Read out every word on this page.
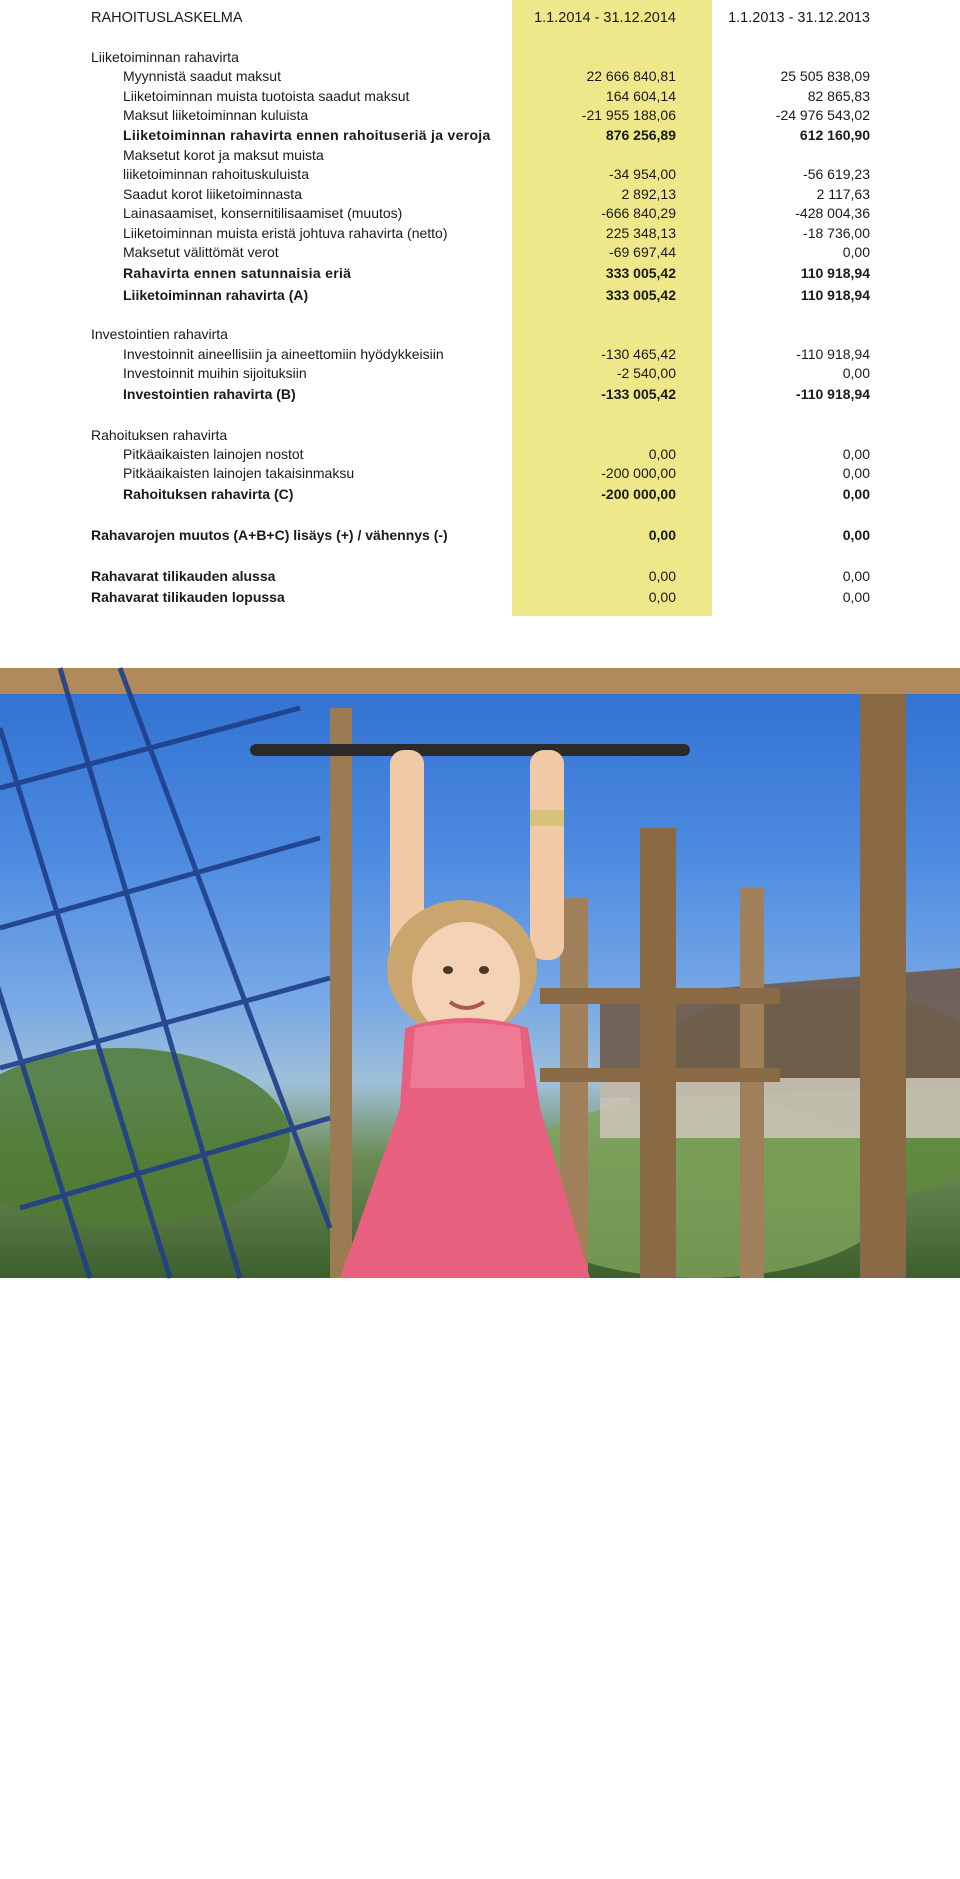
RAHOITUSLASKELMA	1.1.2014 - 31.12.2014	1.1.2013 - 31.12.2013
Liiketoiminnan rahavirta
Myynnistä saadut maksut	22 666 840,81	25 505 838,09
Liiketoiminnan muista tuotoista saadut maksut	164 604,14	82 865,83
Maksut liiketoiminnan kuluista	-21 955 188,06	-24 976 543,02
Liiketoiminnan rahavirta ennen rahoituseriä ja veroja	876 256,89	612 160,90
Maksetut korot ja maksut muista
liiketoiminnan rahoituskuluista	-34 954,00	-56 619,23
Saadut korot liiketoiminnasta	2 892,13	2 117,63
Lainasaamiset, konsernitilisaamiset (muutos)	-666 840,29	-428 004,36
Liiketoiminnan muista eristä johtuva rahavirta (netto)	225 348,13	-18 736,00
Maksetut välittömät verot	-69 697,44	0,00
Rahavirta ennen satunnaisia eriä	333 005,42	110 918,94
Liiketoiminnan rahavirta (A)	333 005,42	110 918,94
Investointien rahavirta
Investoinnit aineellisiin ja aineettomiin hyödykkeisiin	-130 465,42	-110 918,94
Investoinnit muihin sijoituksiin	-2 540,00	0,00
Investointien rahavirta (B)	-133 005,42	-110 918,94
Rahoituksen rahavirta
Pitkäaikaisten lainojen nostot	0,00	0,00
Pitkäaikaisten lainojen takaisinmaksu	-200 000,00	0,00
Rahoituksen rahavirta (C)	-200 000,00	0,00
Rahavarojen muutos (A+B+C) lisäys (+) / vähennys (-)	0,00	0,00
Rahavarat tilikauden alussa	0,00	0,00
Rahavarat tilikauden lopussa	0,00	0,00
10	LAHDEN SEUDUN KUNTATEKNIIKKA OY
